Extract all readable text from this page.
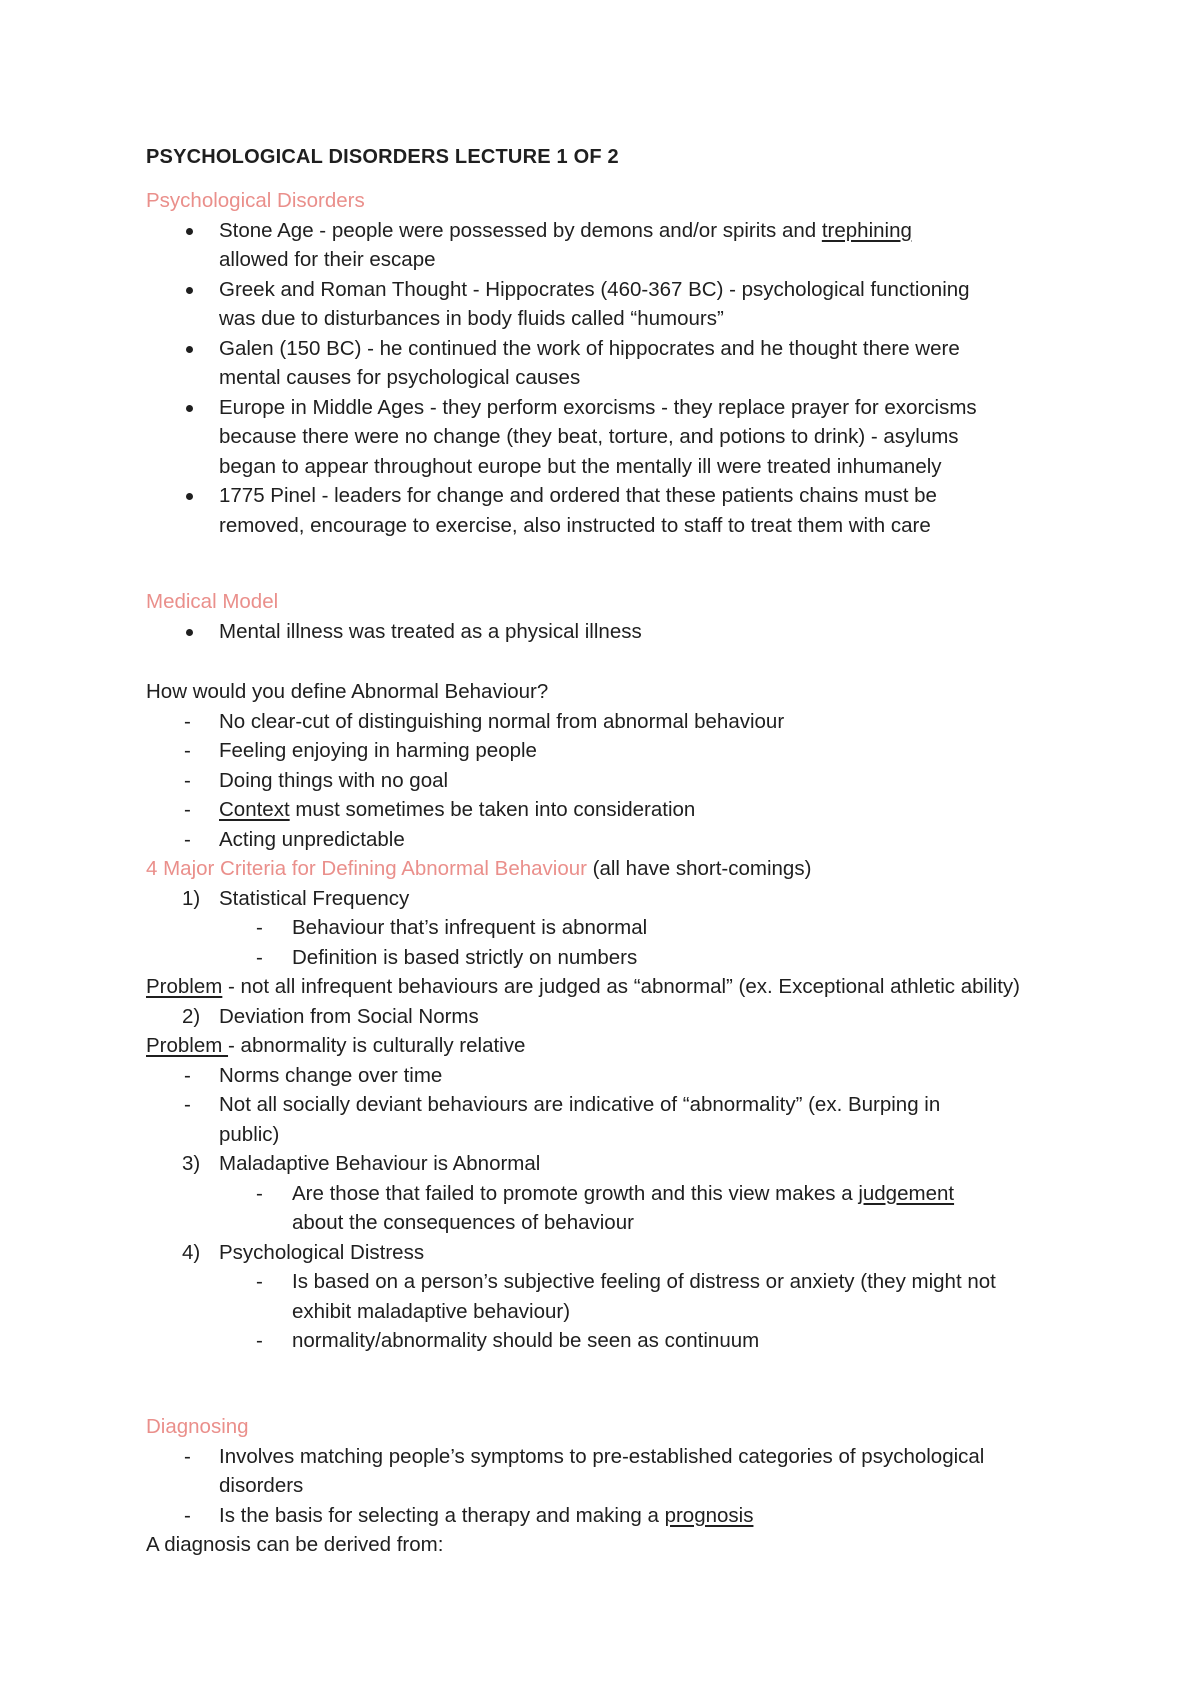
PSYCHOLOGICAL DISORDERS LECTURE 1 OF 2
Psychological Disorders
Stone Age - people were possessed by demons and/or spirits and trephining allowed for their escape
Greek and Roman Thought - Hippocrates (460-367 BC) - psychological functioning was due to disturbances in body fluids called “humours”
Galen (150 BC) - he continued the work of hippocrates and he thought there were mental causes for psychological causes
Europe in Middle Ages - they perform exorcisms - they replace prayer for exorcisms because there were no change (they beat, torture, and potions to drink) - asylums began to appear throughout europe but the mentally ill were treated inhumanely
1775 Pinel - leaders for change and ordered that these patients chains must be removed, encourage to exercise, also instructed to staff to treat them with care
Medical Model
Mental illness was treated as a physical illness
How would you define Abnormal Behaviour?
- No clear-cut of distinguishing normal from abnormal behaviour
- Feeling enjoying in harming people
- Doing things with no goal
- Context must sometimes be taken into consideration
- Acting unpredictable
4 Major Criteria for Defining Abnormal Behaviour (all have short-comings)
1) Statistical Frequency
- Behaviour that’s infrequent is abnormal
- Definition is based strictly on numbers
Problem - not all infrequent behaviours are judged as “abnormal” (ex. Exceptional athletic ability)
2) Deviation from Social Norms
Problem - abnormality is culturally relative
- Norms change over time
- Not all socially deviant behaviours are indicative of “abnormality” (ex. Burping in public)
3) Maladaptive Behaviour is Abnormal
- Are those that failed to promote growth and this view makes a judgement about the consequences of behaviour
4) Psychological Distress
- Is based on a person’s subjective feeling of distress or anxiety (they might not exhibit maladaptive behaviour)
- normality/abnormality should be seen as continuum
Diagnosing
- Involves matching people’s symptoms to pre-established categories of psychological disorders
- Is the basis for selecting a therapy and making a prognosis
A diagnosis can be derived from:
